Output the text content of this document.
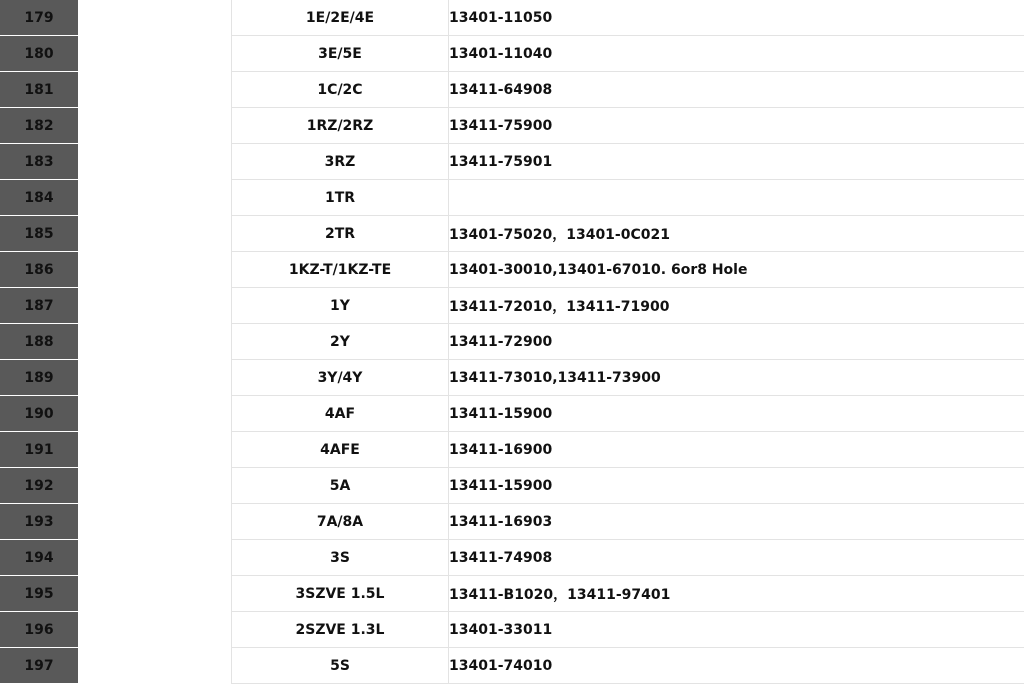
179		1E/2E/4E	13401-11050
180		3E/5E	13401-11040
181		1C/2C	13411-64908
182		1RZ/2RZ	13411-75900
183		3RZ	13411-75901
184		1TR	
185		2TR	13401-75020，13401-0C021
186		1KZ-T/1KZ-TE	13401-30010,13401-67010. 6or8 Hole
187		1Y	13411-72010，13411-71900
188		2Y	13411-72900
189		3Y/4Y	13411-73010,13411-73900
190		4AF	13411-15900
191		4AFE	13411-16900
192		5A	13411-15900
193		7A/8A	13411-16903
194		3S	13411-74908
195		3SZVE 1.5L	13411-B1020，13411-97401
196		2SZVE 1.3L	13401-33011
197		5S	13401-74010
